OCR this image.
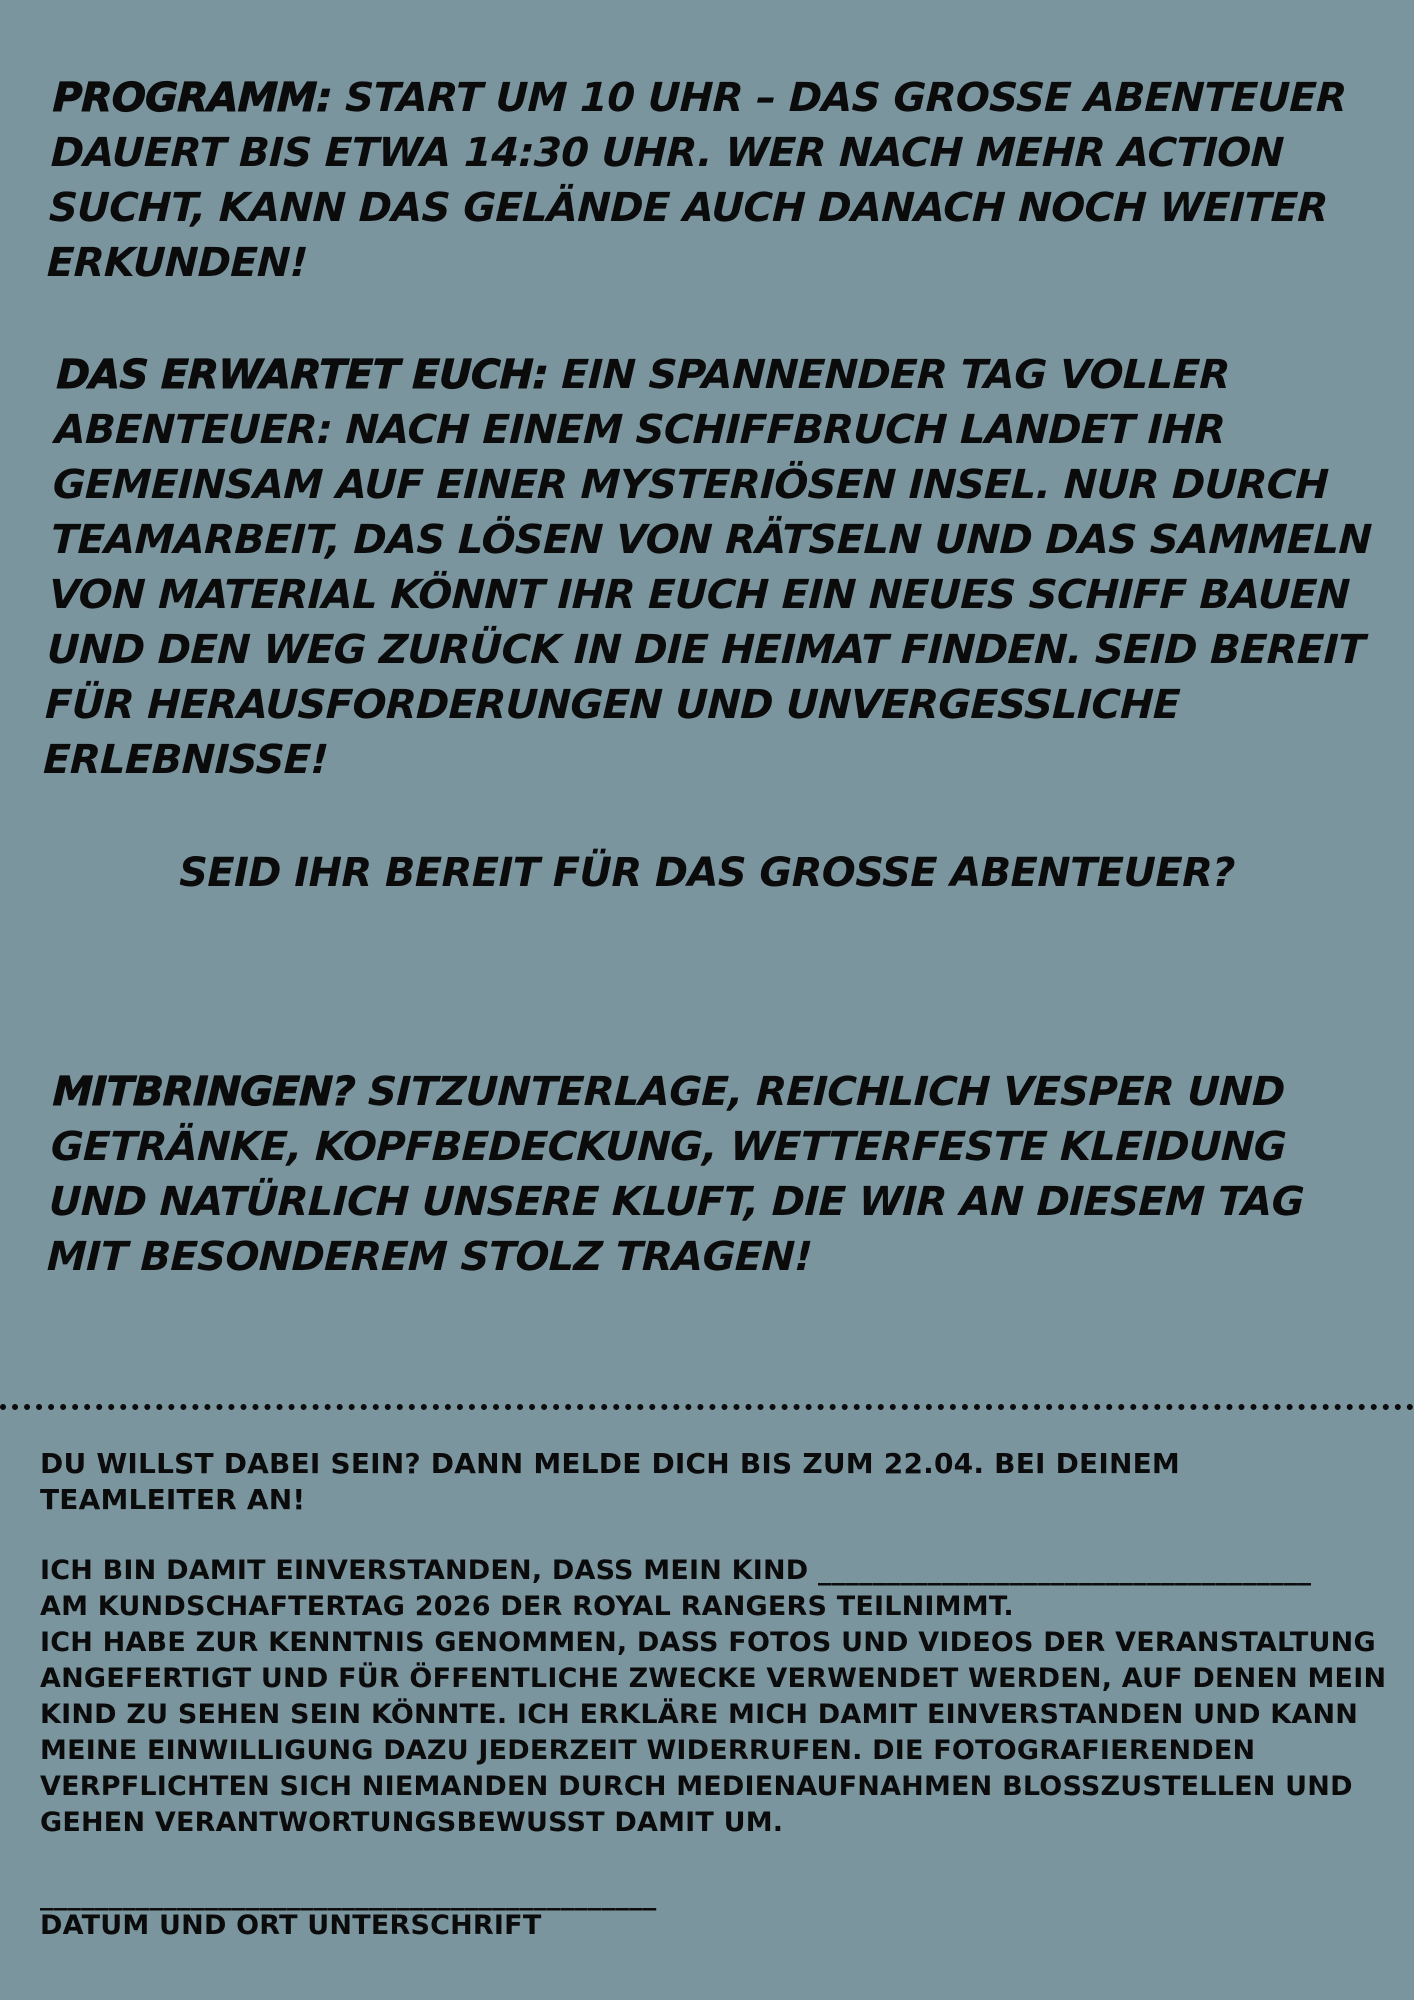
PROGRAMM: START UM 10 UHR – DAS GROSSE ABENTEUER DAUERT BIS ETWA 14:30 UHR. WER NACH MEHR ACTION SUCHT, KANN DAS GELÄNDE AUCH DANACH NOCH WEITER ERKUNDEN!
DAS ERWARTET EUCH: EIN SPANNENDER TAG VOLLER ABENTEUER: NACH EINEM SCHIFFBRUCH LANDET IHR GEMEINSAM AUF EINER MYSTERIÖSEN INSEL. NUR DURCH TEAMARBEIT, DAS LÖSEN VON RÄTSELN UND DAS SAMMELN VON MATERIAL KÖNNT IHR EUCH EIN NEUES SCHIFF BAUEN UND DEN WEG ZURÜCK IN DIE HEIMAT FINDEN. SEID BEREIT FÜR HERAUSFORDERUNGEN UND UNVERGESSLICHE ERLEBNISSE!
SEID IHR BEREIT FÜR DAS GROSSE ABENTEUER?
MITBRINGEN? SITZUNTERLAGE, REICHLICH VESPER UND GETRÄNKE, KOPFBEDECKUNG, WETTERFESTE KLEIDUNG UND NATÜRLICH UNSERE KLUFT, DIE WIR AN DIESEM TAG MIT BESONDEREM STOLZ TRAGEN!
DU WILLST DABEI SEIN? DANN MELDE DICH BIS ZUM 22.04. BEI DEINEM
TEAMLEITER AN!
ICH BIN DAMIT EINVERSTANDEN, DASS MEIN KIND ____________________________________
AM KUNDSCHAFTERTAG 2026 DER ROYAL RANGERS TEILNIMMT.
ICH HABE ZUR KENNTNIS GENOMMEN, DASS FOTOS UND VIDEOS DER VERANSTALTUNG
ANGEFERTIGT UND FÜR ÖFFENTLICHE ZWECKE VERWENDET WERDEN, AUF DENEN MEIN
KIND ZU SEHEN SEIN KÖNNTE. ICH ERKLÄRE MICH DAMIT EINVERSTANDEN UND KANN
MEINE EINWILLIGUNG DAZU JEDERZEIT WIDERRUFEN. DIE FOTOGRAFIERENDEN
VERPFLICHTEN SICH NIEMANDEN DURCH MEDIENAUFNAHMEN BLOSSZUSTELLEN UND
GEHEN VERANTWORTUNGSBEWUSST DAMIT UM.
_____________________________________________
DATUM UND ORT UNTERSCHRIFT
